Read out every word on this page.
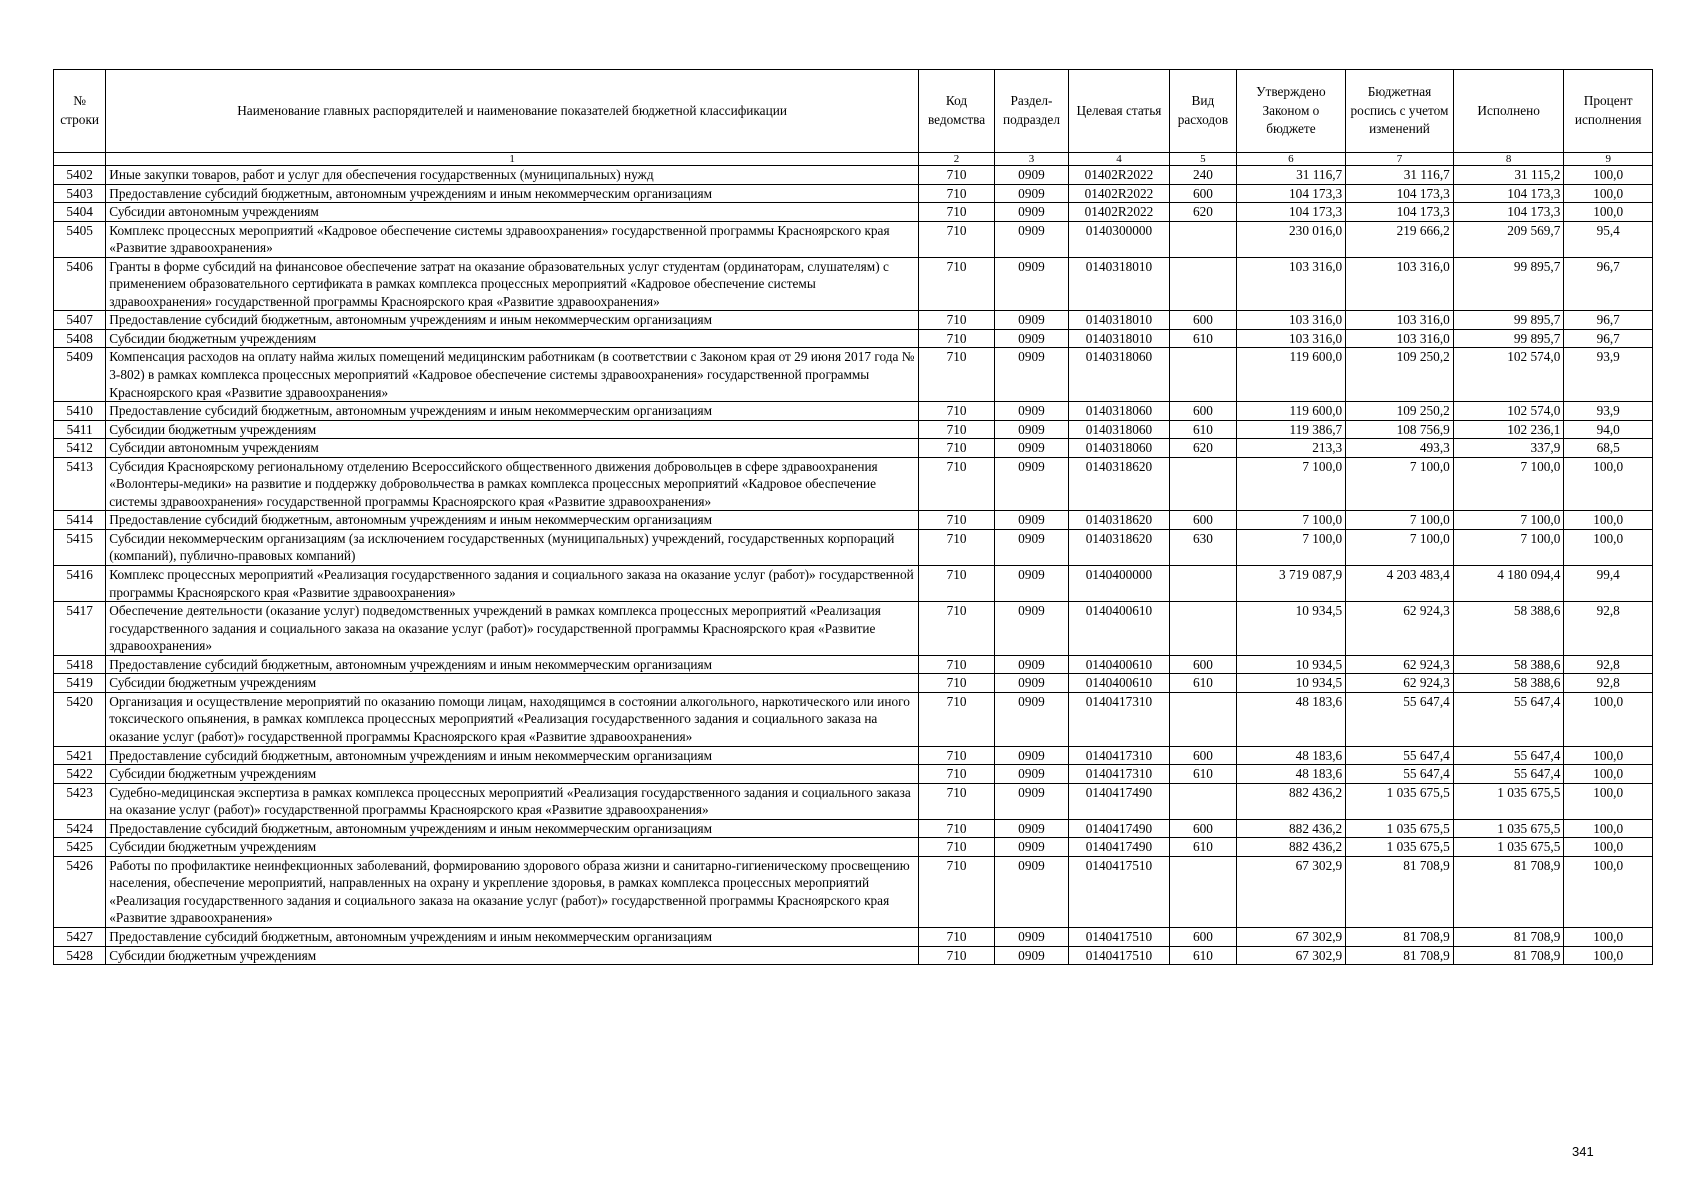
№ строки	Наименование главных распорядителей и наименование показателей бюджетной классификации	Код ведомства	Раздел-подраздел	Целевая статья	Вид расходов	Утверждено Законом о бюджете	Бюджетная роспись с учетом изменений	Исполнено	Процент исполнения
	1	2	3	4	5	6	7	8	9
5402	Иные закупки товаров, работ и услуг для обеспечения государственных (муниципальных) нужд	710	0909	01402R2022	240	31 116,7	31 116,7	31 115,2	100,0
5403	Предоставление субсидий бюджетным, автономным учреждениям и иным некоммерческим организациям	710	0909	01402R2022	600	104 173,3	104 173,3	104 173,3	100,0
5404	Субсидии автономным учреждениям	710	0909	01402R2022	620	104 173,3	104 173,3	104 173,3	100,0
5405	Комплекс процессных мероприятий «Кадровое обеспечение системы здравоохранения» государственной программы Красноярского края «Развитие здравоохранения»	710	0909	0140300000		230 016,0	219 666,2	209 569,7	95,4
5406	Гранты в форме субсидий на финансовое обеспечение затрат на оказание образовательных услуг студентам (ординаторам, слушателям) с применением образовательного сертификата в рамках комплекса процессных мероприятий «Кадровое обеспечение системы здравоохранения» государственной программы Красноярского края «Развитие здравоохранения»	710	0909	0140318010		103 316,0	103 316,0	99 895,7	96,7
5407	Предоставление субсидий бюджетным, автономным учреждениям и иным некоммерческим организациям	710	0909	0140318010	600	103 316,0	103 316,0	99 895,7	96,7
5408	Субсидии бюджетным учреждениям	710	0909	0140318010	610	103 316,0	103 316,0	99 895,7	96,7
5409	Компенсация расходов на оплату найма жилых помещений медицинским работникам (в соответствии с Законом края от 29 июня 2017 года № 3-802) в рамках комплекса процессных мероприятий «Кадровое обеспечение системы здравоохранения» государственной программы Красноярского края «Развитие здравоохранения»	710	0909	0140318060		119 600,0	109 250,2	102 574,0	93,9
5410	Предоставление субсидий бюджетным, автономным учреждениям и иным некоммерческим организациям	710	0909	0140318060	600	119 600,0	109 250,2	102 574,0	93,9
5411	Субсидии бюджетным учреждениям	710	0909	0140318060	610	119 386,7	108 756,9	102 236,1	94,0
5412	Субсидии автономным учреждениям	710	0909	0140318060	620	213,3	493,3	337,9	68,5
5413	Субсидия Красноярскому региональному отделению Всероссийского общественного движения добровольцев в сфере здравоохранения «Волонтеры-медики» на развитие и поддержку добровольчества в рамках комплекса процессных мероприятий «Кадровое обеспечение системы здравоохранения» государственной программы Красноярского края «Развитие здравоохранения»	710	0909	0140318620		7 100,0	7 100,0	7 100,0	100,0
5414	Предоставление субсидий бюджетным, автономным учреждениям и иным некоммерческим организациям	710	0909	0140318620	600	7 100,0	7 100,0	7 100,0	100,0
5415	Субсидии некоммерческим организациям (за исключением государственных (муниципальных) учреждений, государственных корпораций (компаний), публично-правовых компаний)	710	0909	0140318620	630	7 100,0	7 100,0	7 100,0	100,0
5416	Комплекс процессных мероприятий «Реализация государственного задания и социального заказа на оказание услуг (работ)» государственной программы Красноярского края «Развитие здравоохранения»	710	0909	0140400000		3 719 087,9	4 203 483,4	4 180 094,4	99,4
5417	Обеспечение деятельности (оказание услуг) подведомственных учреждений в рамках комплекса процессных мероприятий «Реализация государственного задания и социального заказа на оказание услуг (работ)» государственной программы Красноярского края «Развитие здравоохранения»	710	0909	0140400610		10 934,5	62 924,3	58 388,6	92,8
5418	Предоставление субсидий бюджетным, автономным учреждениям и иным некоммерческим организациям	710	0909	0140400610	600	10 934,5	62 924,3	58 388,6	92,8
5419	Субсидии бюджетным учреждениям	710	0909	0140400610	610	10 934,5	62 924,3	58 388,6	92,8
5420	Организация и осуществление мероприятий по оказанию помощи лицам, находящимся в состоянии алкогольного, наркотического или иного токсического опьянения, в рамках комплекса процессных мероприятий «Реализация государственного задания и социального заказа на оказание услуг (работ)» государственной программы Красноярского края «Развитие здравоохранения»	710	0909	0140417310		48 183,6	55 647,4	55 647,4	100,0
5421	Предоставление субсидий бюджетным, автономным учреждениям и иным некоммерческим организациям	710	0909	0140417310	600	48 183,6	55 647,4	55 647,4	100,0
5422	Субсидии бюджетным учреждениям	710	0909	0140417310	610	48 183,6	55 647,4	55 647,4	100,0
5423	Судебно-медицинская экспертиза в рамках комплекса процессных мероприятий «Реализация государственного задания и социального заказа на оказание услуг (работ)» государственной программы Красноярского края «Развитие здравоохранения»	710	0909	0140417490		882 436,2	1 035 675,5	1 035 675,5	100,0
5424	Предоставление субсидий бюджетным, автономным учреждениям и иным некоммерческим организациям	710	0909	0140417490	600	882 436,2	1 035 675,5	1 035 675,5	100,0
5425	Субсидии бюджетным учреждениям	710	0909	0140417490	610	882 436,2	1 035 675,5	1 035 675,5	100,0
5426	Работы по профилактике неинфекционных заболеваний, формированию здорового образа жизни и санитарно-гигиеническому просвещению населения, обеспечение мероприятий, направленных на охрану и укрепление здоровья, в рамках комплекса процессных мероприятий «Реализация государственного задания и социального заказа на оказание услуг (работ)» государственной программы Красноярского края «Развитие здравоохранения»	710	0909	0140417510		67 302,9	81 708,9	81 708,9	100,0
5427	Предоставление субсидий бюджетным, автономным учреждениям и иным некоммерческим организациям	710	0909	0140417510	600	67 302,9	81 708,9	81 708,9	100,0
5428	Субсидии бюджетным учреждениям	710	0909	0140417510	610	67 302,9	81 708,9	81 708,9	100,0
341
